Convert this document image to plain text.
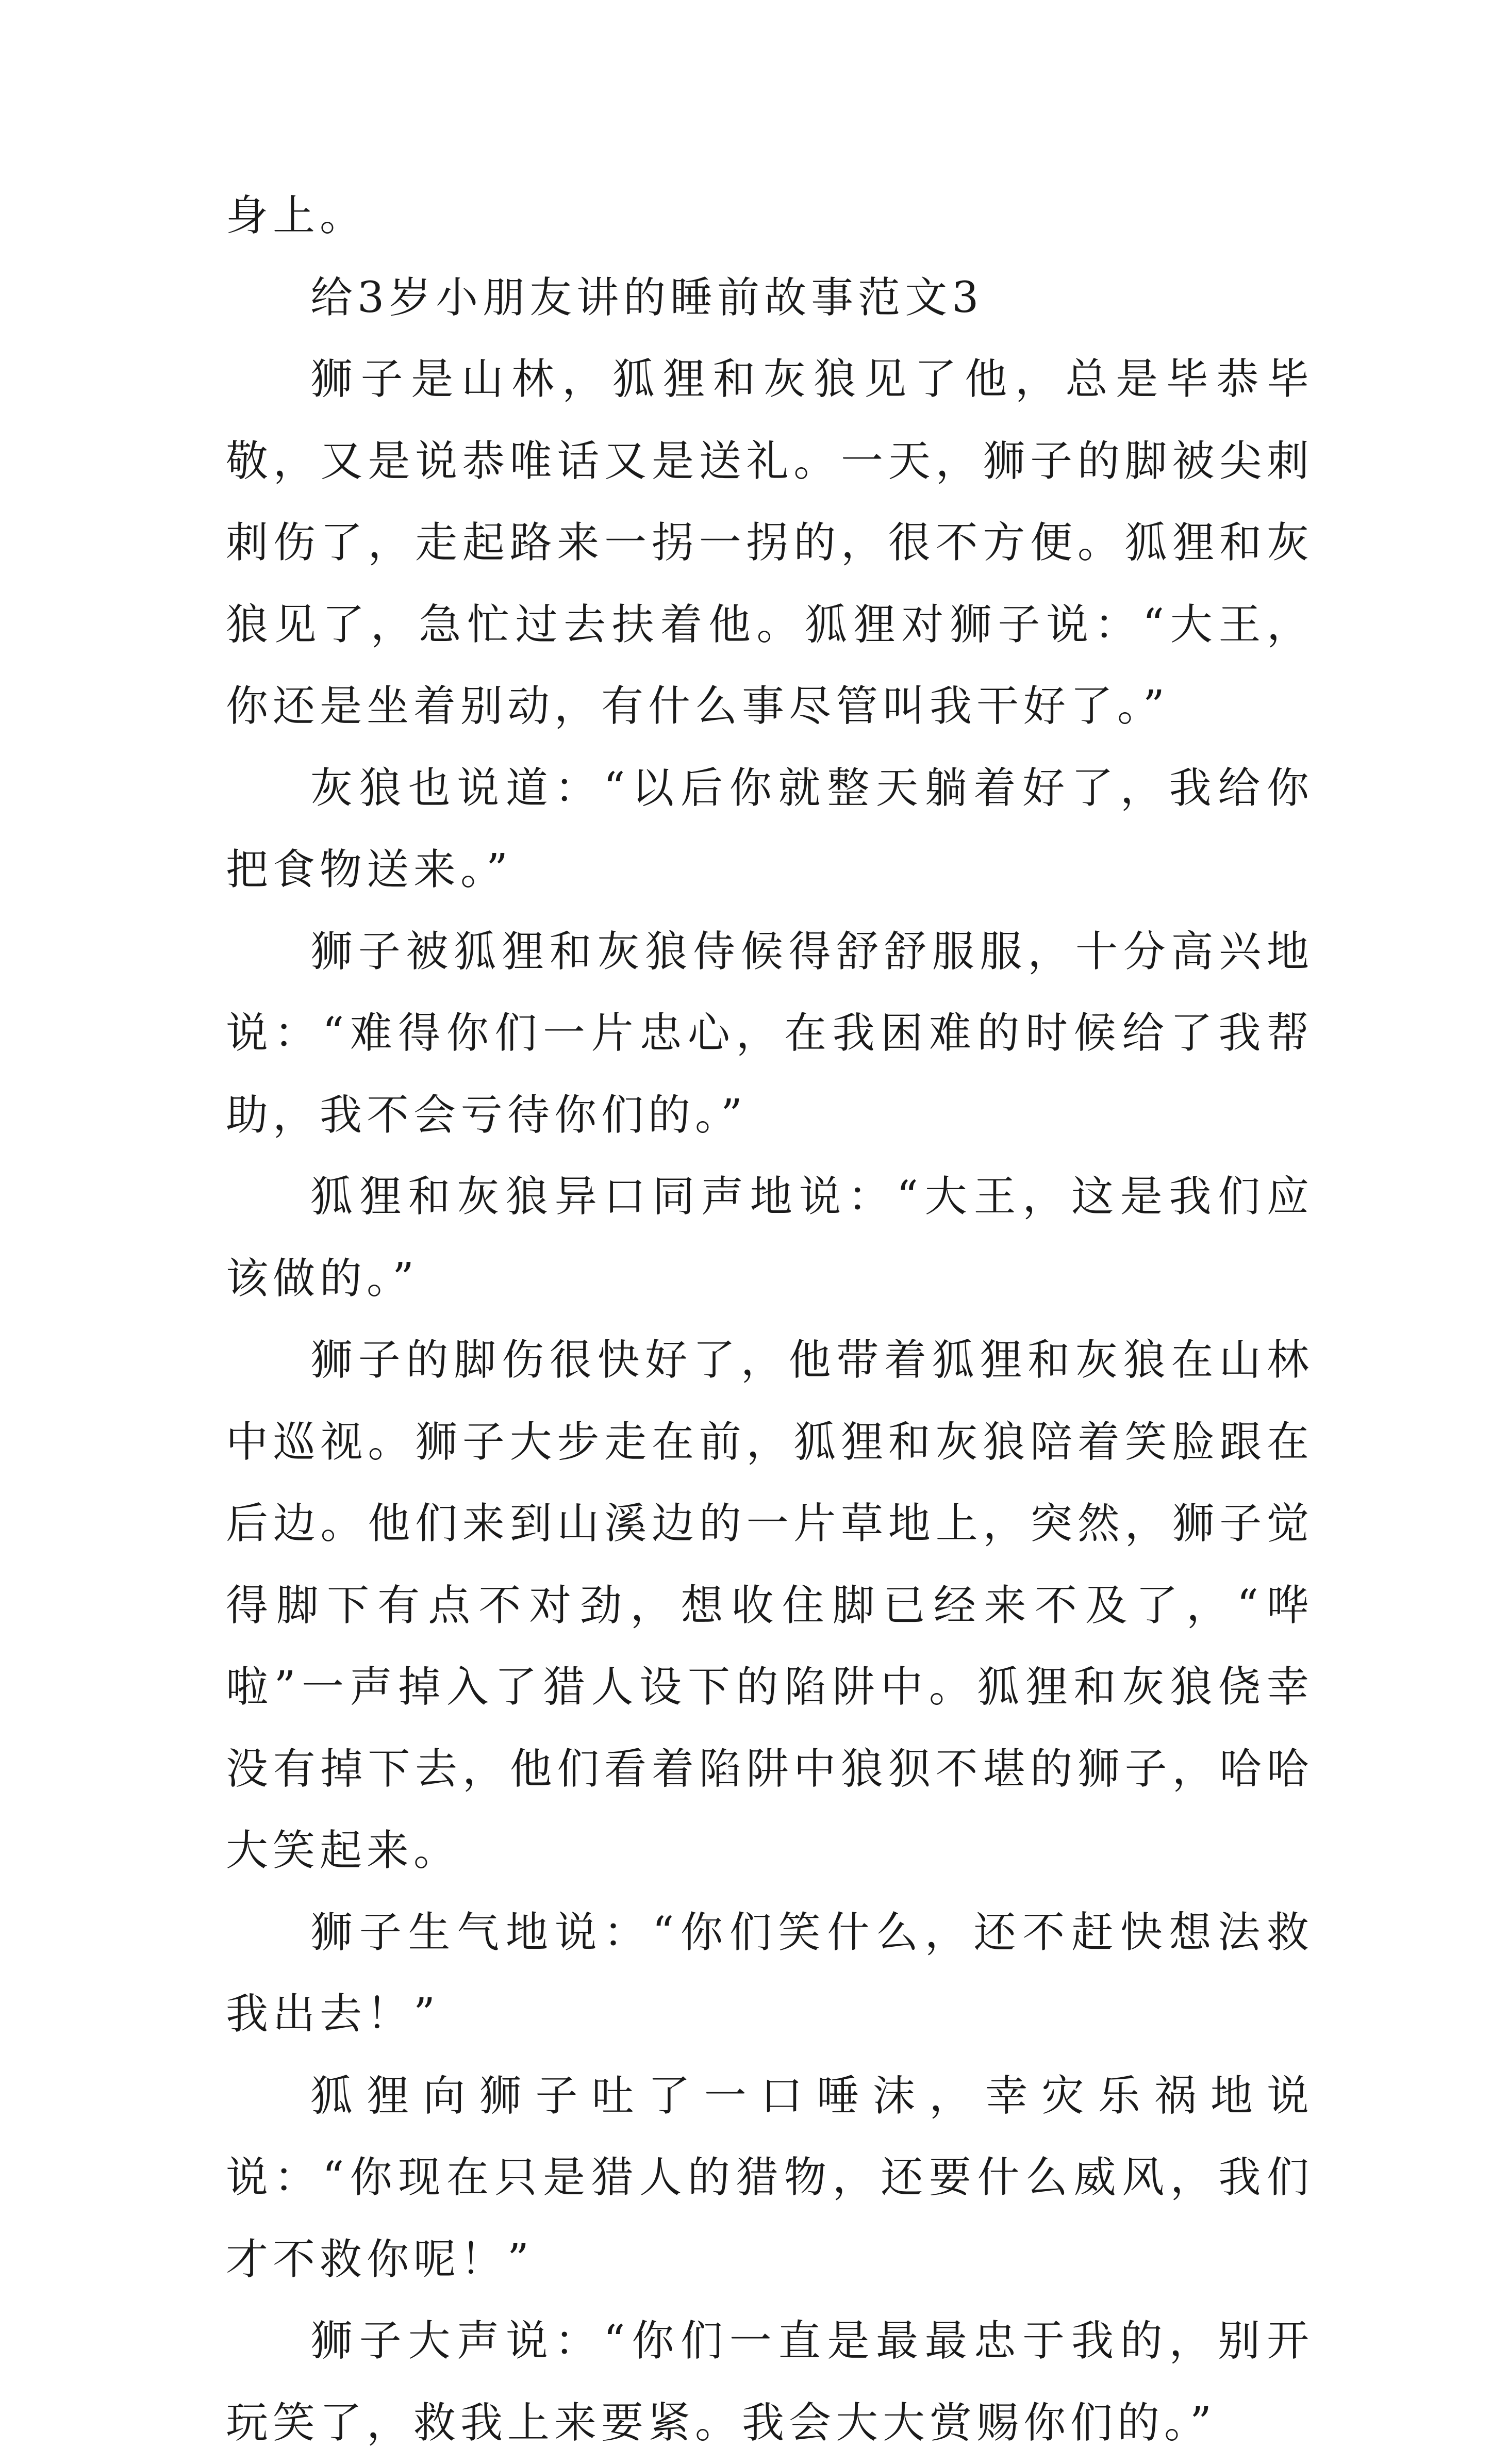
身上。

给3岁小朋友讲的睡前故事范文3

狮子是山林，狐狸和灰狼见了他，总是毕恭毕敬，又是说恭唯话又是送礼。一天，狮子的脚被尖刺刺伤了，走起路来一拐一拐的，很不方便。狐狸和灰狼见了，急忙过去扶着他。狐狸对狮子说：“大王，你还是坐着别动，有什么事尽管叫我干好了。”

灰狼也说道：“以后你就整天躺着好了，我给你把食物送来。”

狮子被狐狸和灰狼侍候得舒舒服服，十分高兴地说：“难得你们一片忠心，在我困难的时候给了我帮助，我不会亏待你们的。”

狐狸和灰狼异口同声地说：“大王，这是我们应该做的。”

狮子的脚伤很快好了，他带着狐狸和灰狼在山林中巡视。狮子大步走在前，狐狸和灰狼陪着笑脸跟在后边。他们来到山溪边的一片草地上，突然，狮子觉得脚下有点不对劲，想收住脚已经来不及了，“哗啦”一声掉入了猎人设下的陷阱中。狐狸和灰狼侥幸没有掉下去，他们看着陷阱中狼狈不堪的狮子，哈哈大笑起来。

狮子生气地说：“你们笑什么，还不赶快想法救我出去！”

狐狸向狮子吐了一口唾沫，幸灾乐祸地说说：“你现在只是猎人的猎物，还要什么威风，我们才不救你呢！”

狮子大声说：“你们一直是最最忠于我的，别开玩笑了，救我上来要紧。我会大大赏赐你们的。”
